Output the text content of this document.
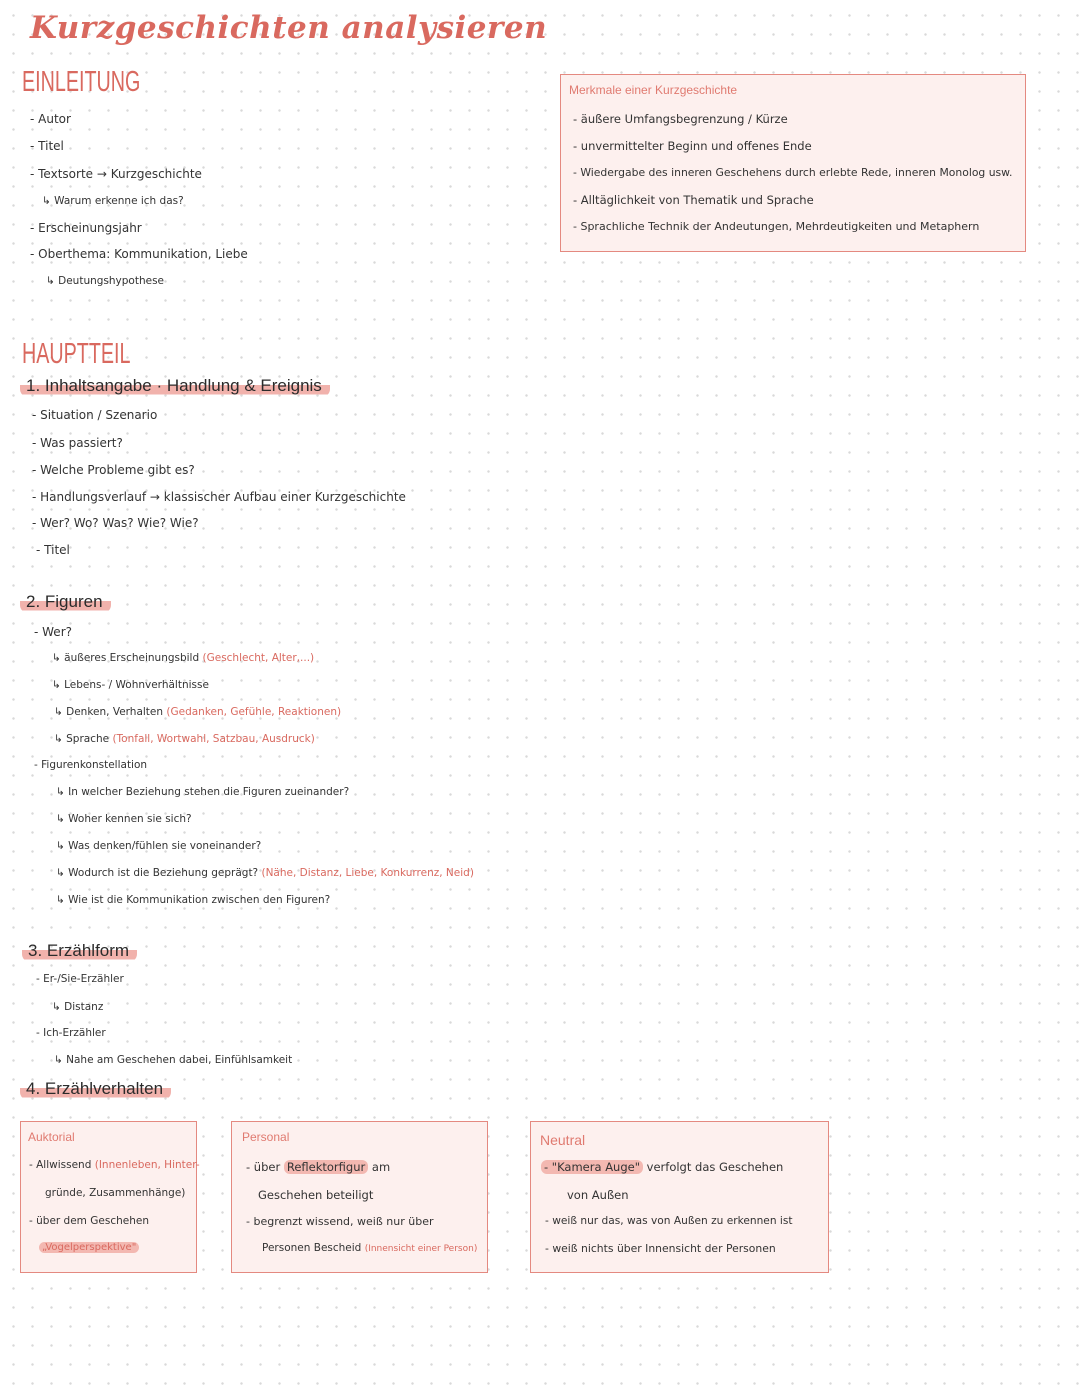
Kurzgeschichten analysieren
EINLEITUNG
- Autor
- Titel
- Textsorte → Kurzgeschichte
↳ Warum erkenne ich das?
- Erscheinungsjahr
- Oberthema: Kommunikation, Liebe
↳ Deutungshypothese
Merkmale einer Kurzgeschichte
- äußere Umfangsbegrenzung / Kürze
- unvermittelter Beginn und offenes Ende
- Wiedergabe des inneren Geschehens durch erlebte Rede, inneren Monolog usw.
- Alltäglichkeit von Thematik und Sprache
- Sprachliche Technik der Andeutungen, Mehrdeutigkeiten und Metaphern
HAUPTTEIL
1. Inhaltsangabe · Handlung & Ereignis
- Situation / Szenario
- Was passiert?
- Welche Probleme gibt es?
- Handlungsverlauf → klassischer Aufbau einer Kurzgeschichte
- Wer? Wo? Was? Wie? Wie?
- Titel
2. Figuren
- Wer?
↳ äußeres Erscheinungsbild (Geschlecht, Alter,...)
↳ Lebens- / Wohnverhältnisse
↳ Denken, Verhalten (Gedanken, Gefühle, Reaktionen)
↳ Sprache (Tonfall, Wortwahl, Satzbau, Ausdruck)
- Figurenkonstellation
↳ In welcher Beziehung stehen die Figuren zueinander?
↳ Woher kennen sie sich?
↳ Was denken/fühlen sie voneinander?
↳ Wodurch ist die Beziehung geprägt? (Nähe, Distanz, Liebe, Konkurrenz, Neid)
↳ Wie ist die Kommunikation zwischen den Figuren?
3. Erzählform
- Er-/Sie-Erzähler
↳ Distanz
- Ich-Erzähler
↳ Nahe am Geschehen dabei, Einfühlsamkeit
4. Erzählverhalten
Auktorial
- Allwissend (Innenleben, Hinter-
gründe, Zusammenhänge)
- über dem Geschehen
„Vogelperspektive"
Personal
- über Reflektorfigur am
Geschehen beteiligt
- begrenzt wissend, weiß nur über
Personen Bescheid (Innensicht einer Person)
Neutral
- "Kamera Auge" verfolgt das Geschehen
von Außen
- weiß nur das, was von Außen zu erkennen ist
- weiß nichts über Innensicht der Personen
